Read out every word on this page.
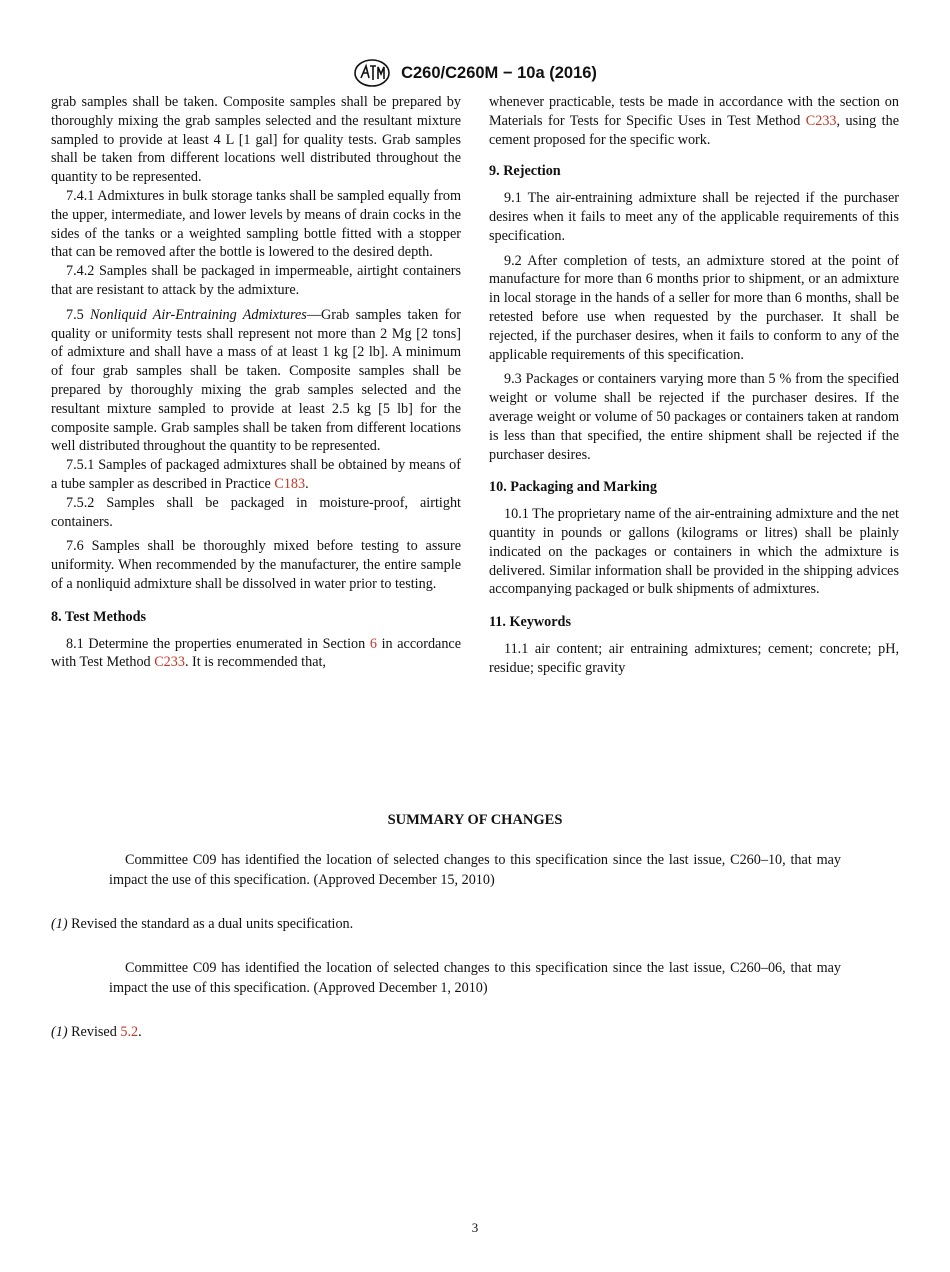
C260/C260M − 10a (2016)

grab samples shall be taken. Composite samples shall be prepared by thoroughly mixing the grab samples selected and the resultant mixture sampled to provide at least 4 L [1 gal] for quality tests. Grab samples shall be taken from different locations well distributed throughout the quantity to be represented.

7.4.1 Admixtures in bulk storage tanks shall be sampled equally from the upper, intermediate, and lower levels by means of drain cocks in the sides of the tanks or a weighted sampling bottle fitted with a stopper that can be removed after the bottle is lowered to the desired depth.

7.4.2 Samples shall be packaged in impermeable, airtight containers that are resistant to attack by the admixture.

7.5 Nonliquid Air-Entraining Admixtures—Grab samples taken for quality or uniformity tests shall represent not more than 2 Mg [2 tons] of admixture and shall have a mass of at least 1 kg [2 lb]. A minimum of four grab samples shall be taken. Composite samples shall be prepared by thoroughly mixing the grab samples selected and the resultant mixture sampled to provide at least 2.5 kg [5 lb] for the composite sample. Grab samples shall be taken from different locations well distributed throughout the quantity to be represented.

7.5.1 Samples of packaged admixtures shall be obtained by means of a tube sampler as described in Practice C183.

7.5.2 Samples shall be packaged in moisture-proof, airtight containers.

7.6 Samples shall be thoroughly mixed before testing to assure uniformity. When recommended by the manufacturer, the entire sample of a nonliquid admixture shall be dissolved in water prior to testing.

8. Test Methods

8.1 Determine the properties enumerated in Section 6 in accordance with Test Method C233. It is recommended that,

whenever practicable, tests be made in accordance with the section on Materials for Tests for Specific Uses in Test Method C233, using the cement proposed for the specific work.

9. Rejection

9.1 The air-entraining admixture shall be rejected if the purchaser desires when it fails to meet any of the applicable requirements of this specification.

9.2 After completion of tests, an admixture stored at the point of manufacture for more than 6 months prior to shipment, or an admixture in local storage in the hands of a seller for more than 6 months, shall be retested before use when requested by the purchaser. It shall be rejected, if the purchaser desires, when it fails to conform to any of the applicable requirements of this specification.

9.3 Packages or containers varying more than 5 % from the specified weight or volume shall be rejected if the purchaser desires. If the average weight or volume of 50 packages or containers taken at random is less than that specified, the entire shipment shall be rejected if the purchaser desires.

10. Packaging and Marking

10.1 The proprietary name of the air-entraining admixture and the net quantity in pounds or gallons (kilograms or litres) shall be plainly indicated on the packages or containers in which the admixture is delivered. Similar information shall be provided in the shipping advices accompanying packaged or bulk shipments of admixtures.

11. Keywords

11.1 air content; air entraining admixtures; cement; concrete; pH, residue; specific gravity

SUMMARY OF CHANGES

Committee C09 has identified the location of selected changes to this specification since the last issue, C260–10, that may impact the use of this specification. (Approved December 15, 2010)

(1) Revised the standard as a dual units specification.

Committee C09 has identified the location of selected changes to this specification since the last issue, C260–06, that may impact the use of this specification. (Approved December 1, 2010)

(1) Revised 5.2.

3
